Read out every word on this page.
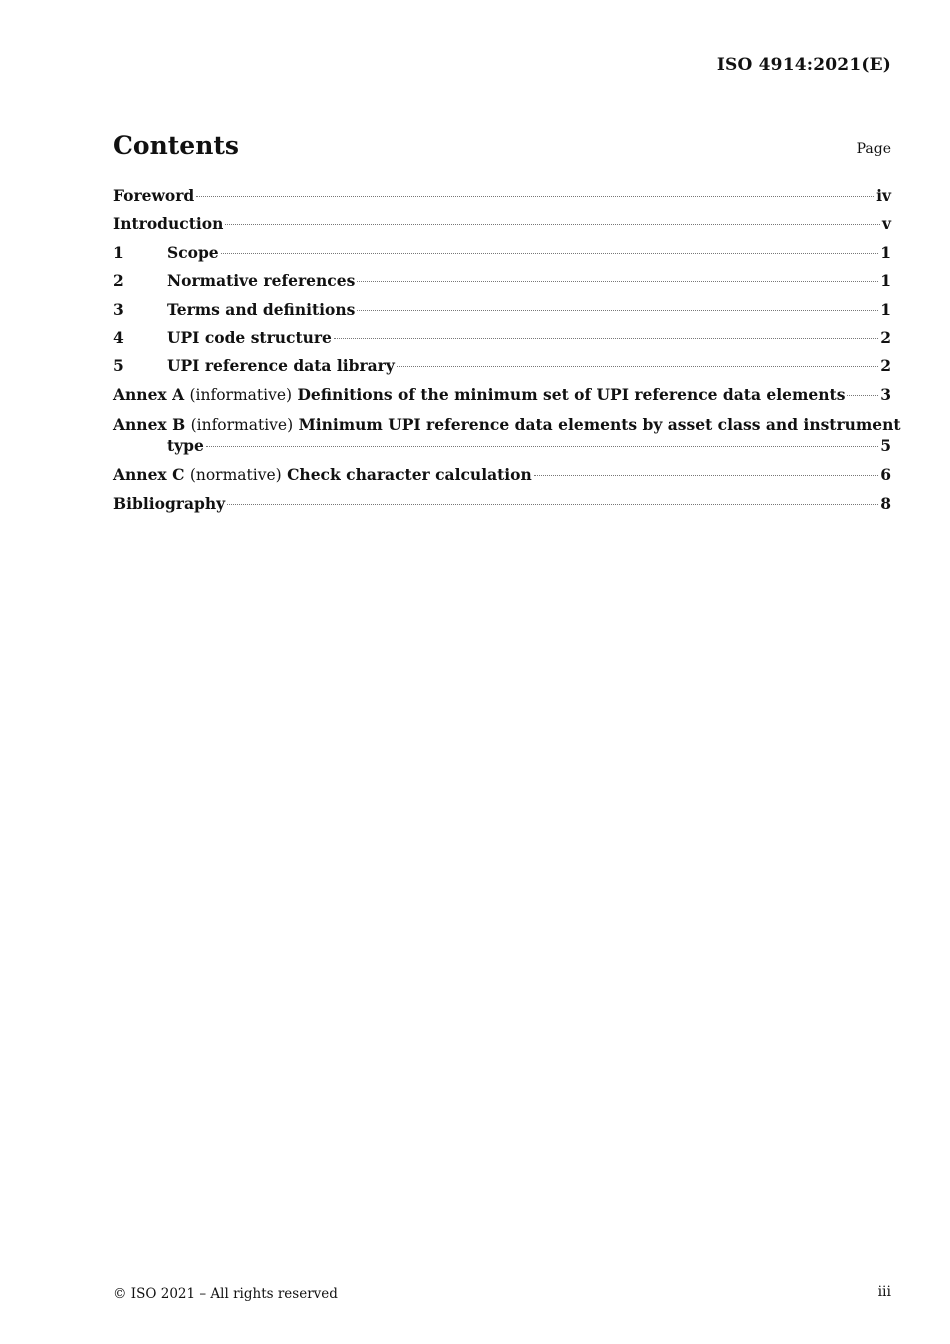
ISO 4914:2021(E)
Contents	Page
Foreword	iv
Introduction	v
1	Scope	1
2	Normative references	1
3	Terms and definitions	1
4	UPI code structure	2
5	UPI reference data library	2
Annex A (informative) Definitions of the minimum set of UPI reference data elements 3
Annex B (informative) Minimum UPI reference data elements by asset class and instrument
type	5
Annex C (normative) Check character calculation	6
Bibliography	8
© ISO 2021 – All rights reserved	iii
